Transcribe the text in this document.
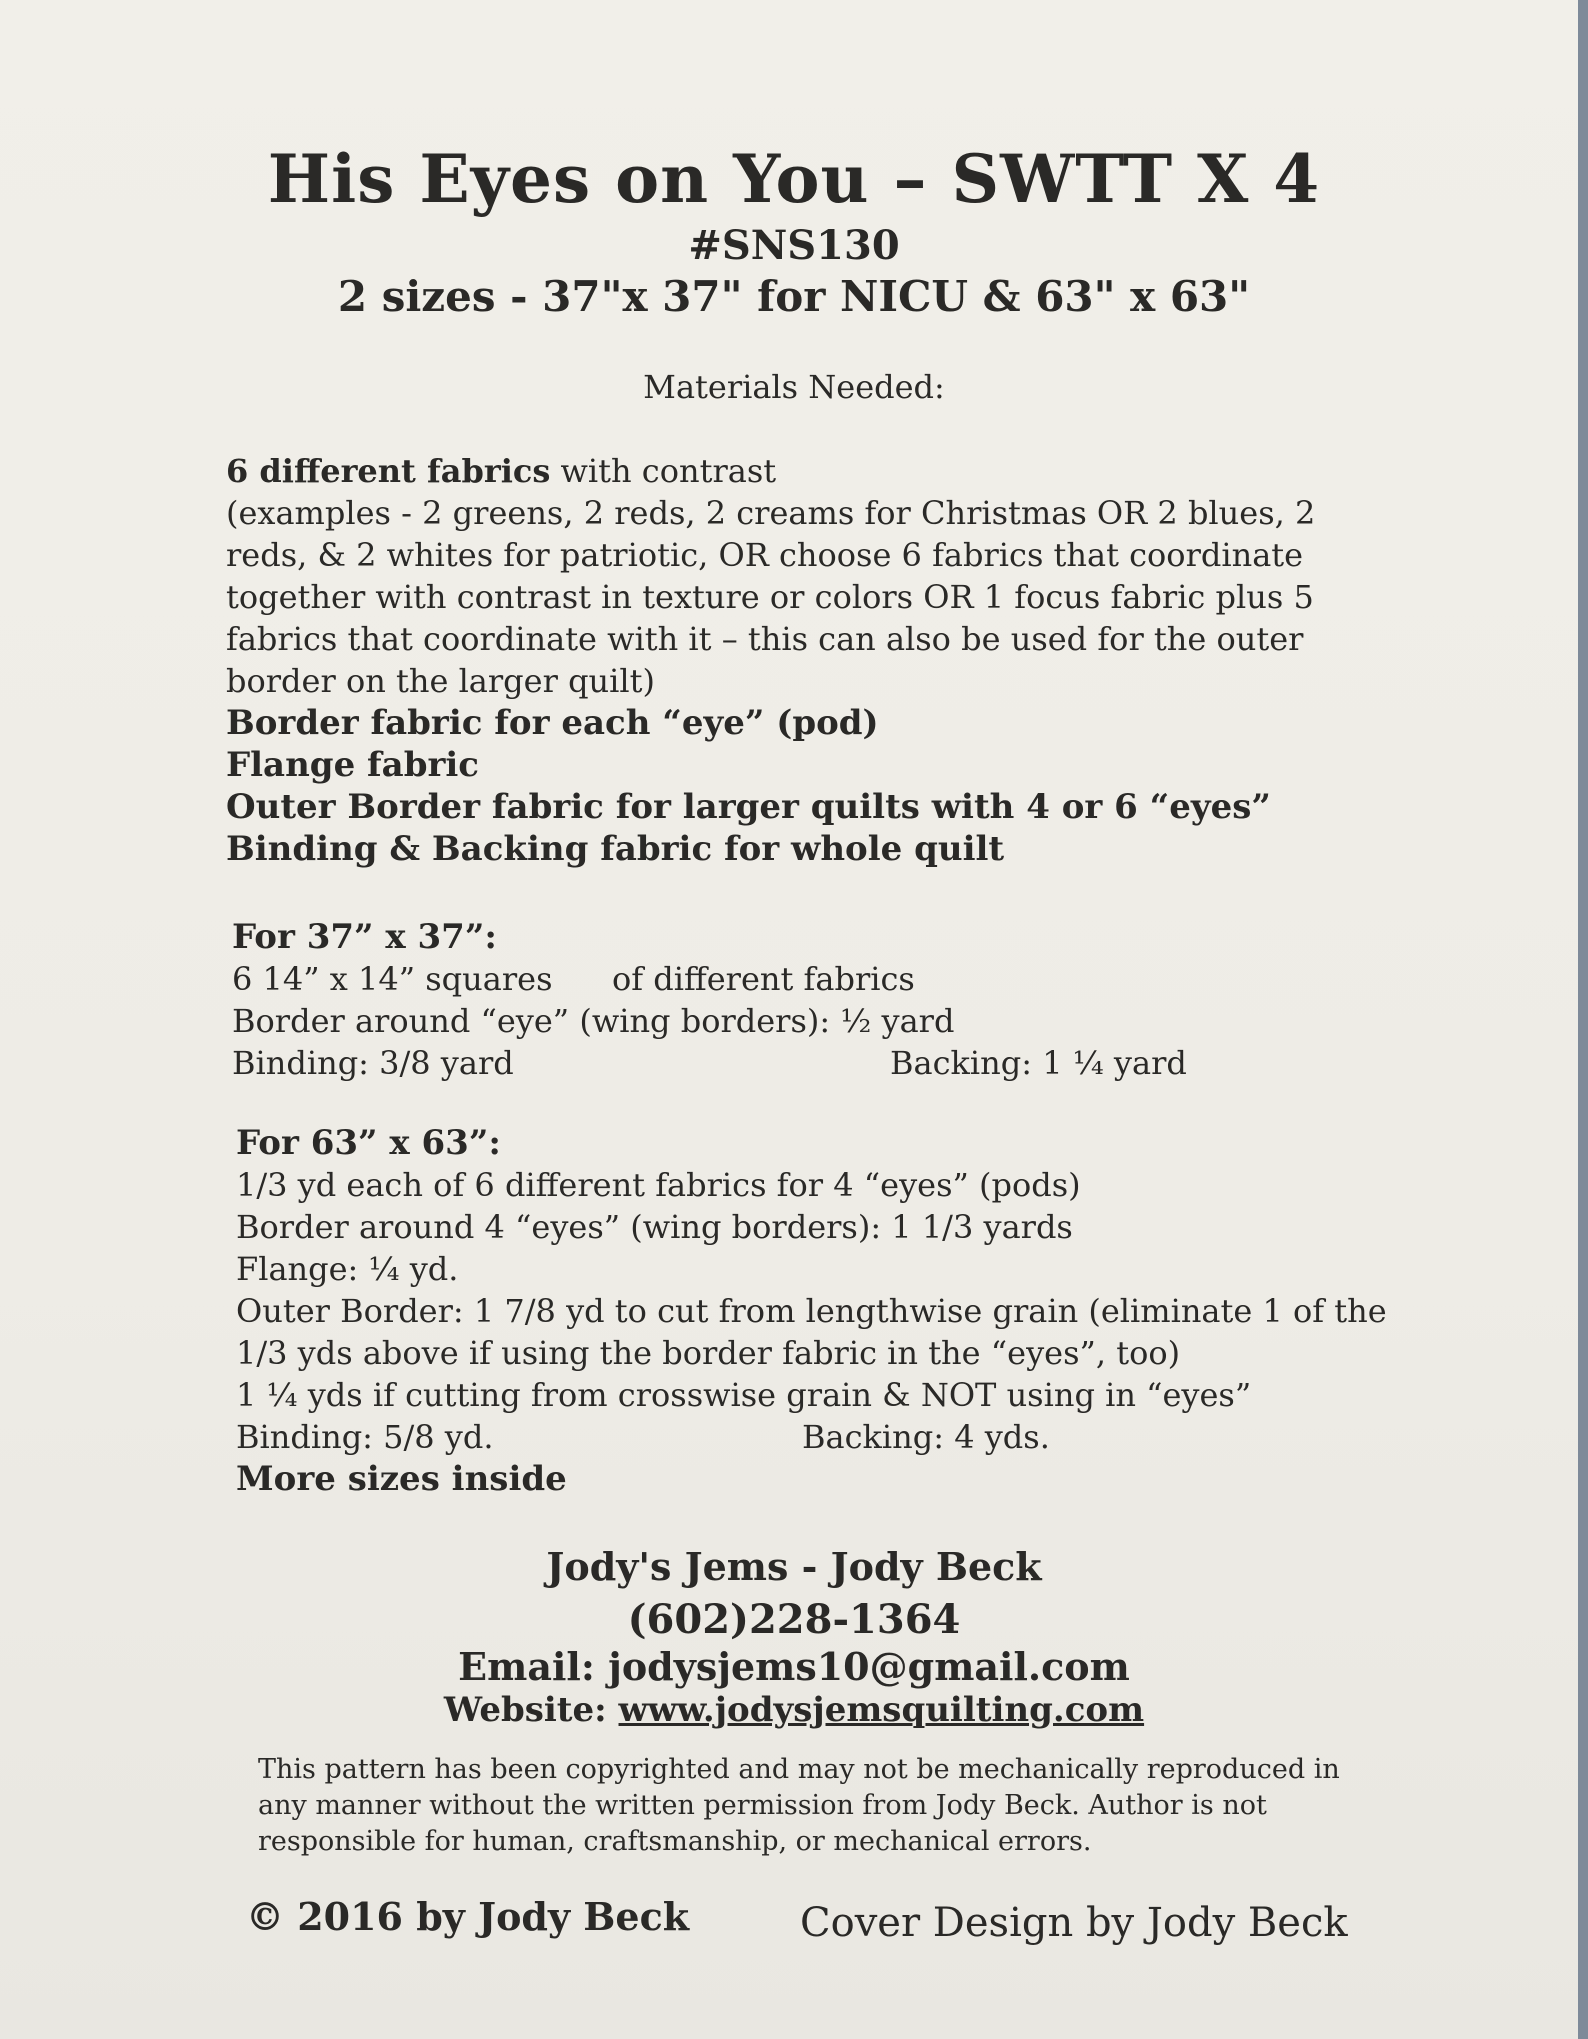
His Eyes on You – SWTT X 4
#SNS130
2 sizes - 37"x 37" for NICU & 63" x 63"
Materials Needed:
6 different fabrics with contrast
(examples - 2 greens, 2 reds, 2 creams for Christmas OR 2 blues, 2
reds, & 2 whites for patriotic, OR choose 6 fabrics that coordinate
together with contrast in texture or colors OR 1 focus fabric plus 5
fabrics that coordinate with it – this can also be used for the outer
border on the larger quilt)
Border fabric for each “eye” (pod)
Flange fabric
Outer Border fabric for larger quilts with 4 or 6 “eyes”
Binding & Backing fabric for whole quilt
For 37” x 37”:
6 14” x 14” squares of different fabrics
Border around “eye” (wing borders): ½ yard
Binding: 3/8 yard	Backing: 1 ¼ yard
For 63” x 63”:
1/3 yd each of 6 different fabrics for 4 “eyes” (pods)
Border around 4 “eyes” (wing borders): 1 1/3 yards
Flange: ¼ yd.
Outer Border: 1 7/8 yd to cut from lengthwise grain (eliminate 1 of the
1/3 yds above if using the border fabric in the “eyes”, too)
1 ¼ yds if cutting from crosswise grain & NOT using in “eyes”
Binding: 5/8 yd.	Backing: 4 yds.
More sizes inside
Jody's Jems - Jody Beck
(602)228-1364
Email: jodysjems10@gmail.com
Website: www.jodysjemsquilting.com
This pattern has been copyrighted and may not be mechanically reproduced in
any manner without the written permission from Jody Beck. Author is not
responsible for human, craftsmanship, or mechanical errors.
© 2016 by Jody Beck	Cover Design by Jody Beck
